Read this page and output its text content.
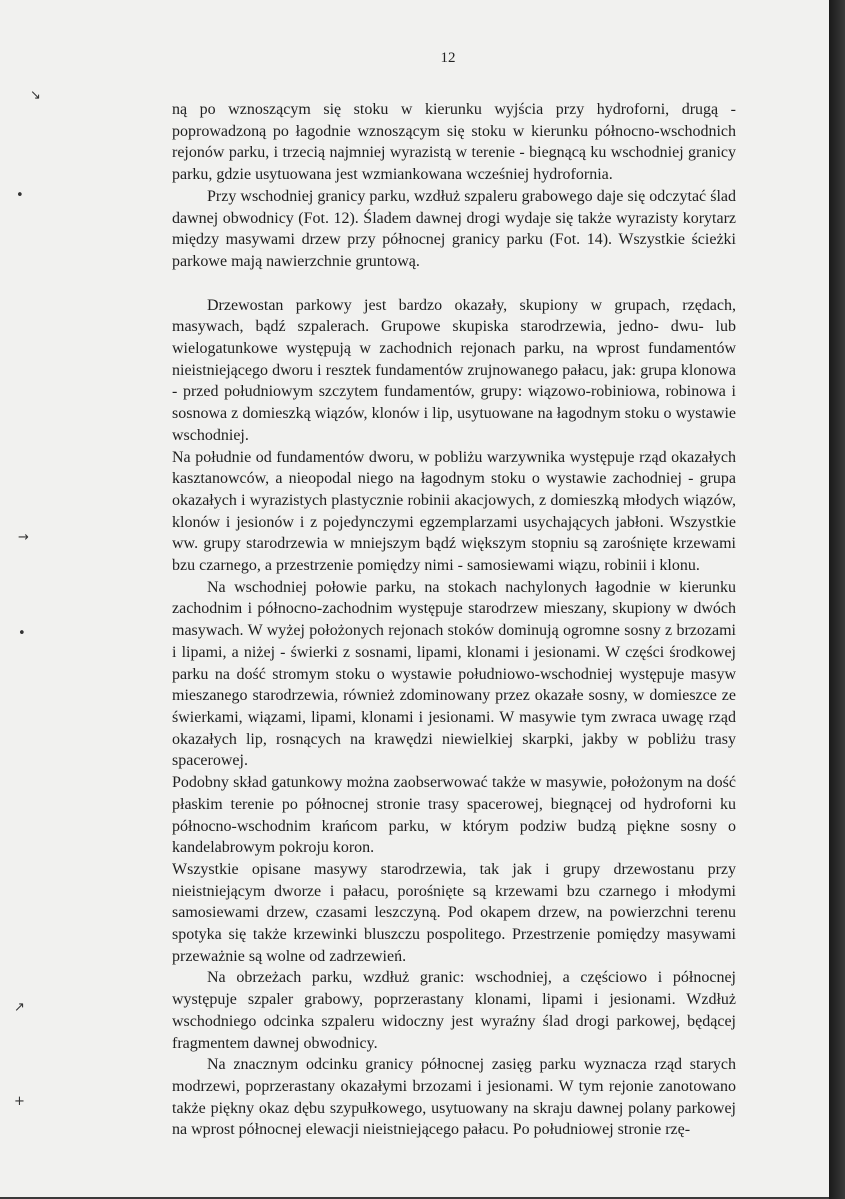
12
↘
•
→
•
↗
+

ną po wznoszącym się stoku w kierunku wyjścia przy hydroforni, drugą - poprowadzoną po łagodnie wznoszącym się stoku w kierunku północno-wschodnich rejonów parku, i trzecią najmniej wyrazistą w terenie - biegnącą ku wschodniej granicy parku, gdzie usytuowana jest wzmiankowana wcześniej hydrofornia.

Przy wschodniej granicy parku, wzdłuż szpaleru grabowego daje się odczytać ślad dawnej obwodnicy (Fot. 12). Śladem dawnej drogi wydaje się także wyrazisty korytarz między masywami drzew przy północnej granicy parku (Fot. 14). Wszystkie ścieżki parkowe mają nawierzchnie gruntową.

Drzewostan parkowy jest bardzo okazały, skupiony w grupach, rzędach, masywach, bądź szpalerach. Grupowe skupiska starodrzewia, jedno- dwu- lub wielogatunkowe występują w zachodnich rejonach parku, na wprost fundamentów nieistniejącego dworu i resztek fundamentów zrujnowanego pałacu, jak: grupa klonowa - przed południowym szczytem fundamentów, grupy: wiązowo-robiniowa, robinowa i sosnowa z domieszką wiązów, klonów i lip, usytuowane na łagodnym stoku o wystawie wschodniej.

Na południe od fundamentów dworu, w pobliżu warzywnika występuje rząd okazałych kasztanowców, a nieopodal niego na łagodnym stoku o wystawie zachodniej - grupa okazałych i wyrazistych plastycznie robinii akacjowych, z domieszką młodych wiązów, klonów i jesionów i z pojedynczymi egzemplarzami usychających jabłoni. Wszystkie ww. grupy starodrzewia w mniejszym bądź większym stopniu są zarośnięte krzewami bzu czarnego, a przestrzenie pomiędzy nimi - samosiewami wiązu, robinii i klonu.

Na wschodniej połowie parku, na stokach nachylonych łagodnie w kierunku zachodnim i północno-zachodnim występuje starodrzew mieszany, skupiony w dwóch masywach. W wyżej położonych rejonach stoków dominują ogromne sosny z brzozami i lipami, a niżej - świerki z sosnami, lipami, klonami i jesionami. W części środkowej parku na dość stromym stoku o wystawie południowo-wschodniej występuje masyw mieszanego starodrzewia, również zdominowany przez okazałe sosny, w domieszce ze świerkami, wiązami, lipami, klonami i jesionami. W masywie tym zwraca uwagę rząd okazałych lip, rosnących na krawędzi niewielkiej skarpki, jakby w pobliżu trasy spacerowej.

Podobny skład gatunkowy można zaobserwować także w masywie, położonym na dość płaskim terenie po północnej stronie trasy spacerowej, biegnącej od hydroforni ku północno-wschodnim krańcom parku, w którym podziw budzą piękne sosny o kandelabrowym pokroju koron.

Wszystkie opisane masywy starodrzewia, tak jak i grupy drzewostanu przy nieistniejącym dworze i pałacu, porośnięte są krzewami bzu czarnego i młodymi samosiewami drzew, czasami leszczyną. Pod okapem drzew, na powierzchni terenu spotyka się także krzewinki bluszczu pospolitego. Przestrzenie pomiędzy masywami przeważnie są wolne od zadrzewień.

Na obrzeżach parku, wzdłuż granic: wschodniej, a częściowo i północnej występuje szpaler grabowy, poprzerastany klonami, lipami i jesionami. Wzdłuż wschodniego odcinka szpaleru widoczny jest wyraźny ślad drogi parkowej, będącej fragmentem dawnej obwodnicy.

Na znacznym odcinku granicy północnej zasięg parku wyznacza rząd starych modrzewi, poprzerastany okazałymi brzozami i jesionami. W tym rejonie zanotowano także piękny okaz dębu szypułkowego, usytuowany na skraju dawnej polany parkowej na wprost północnej elewacji nieistniejącego pałacu. Po południowej stronie rzę-
